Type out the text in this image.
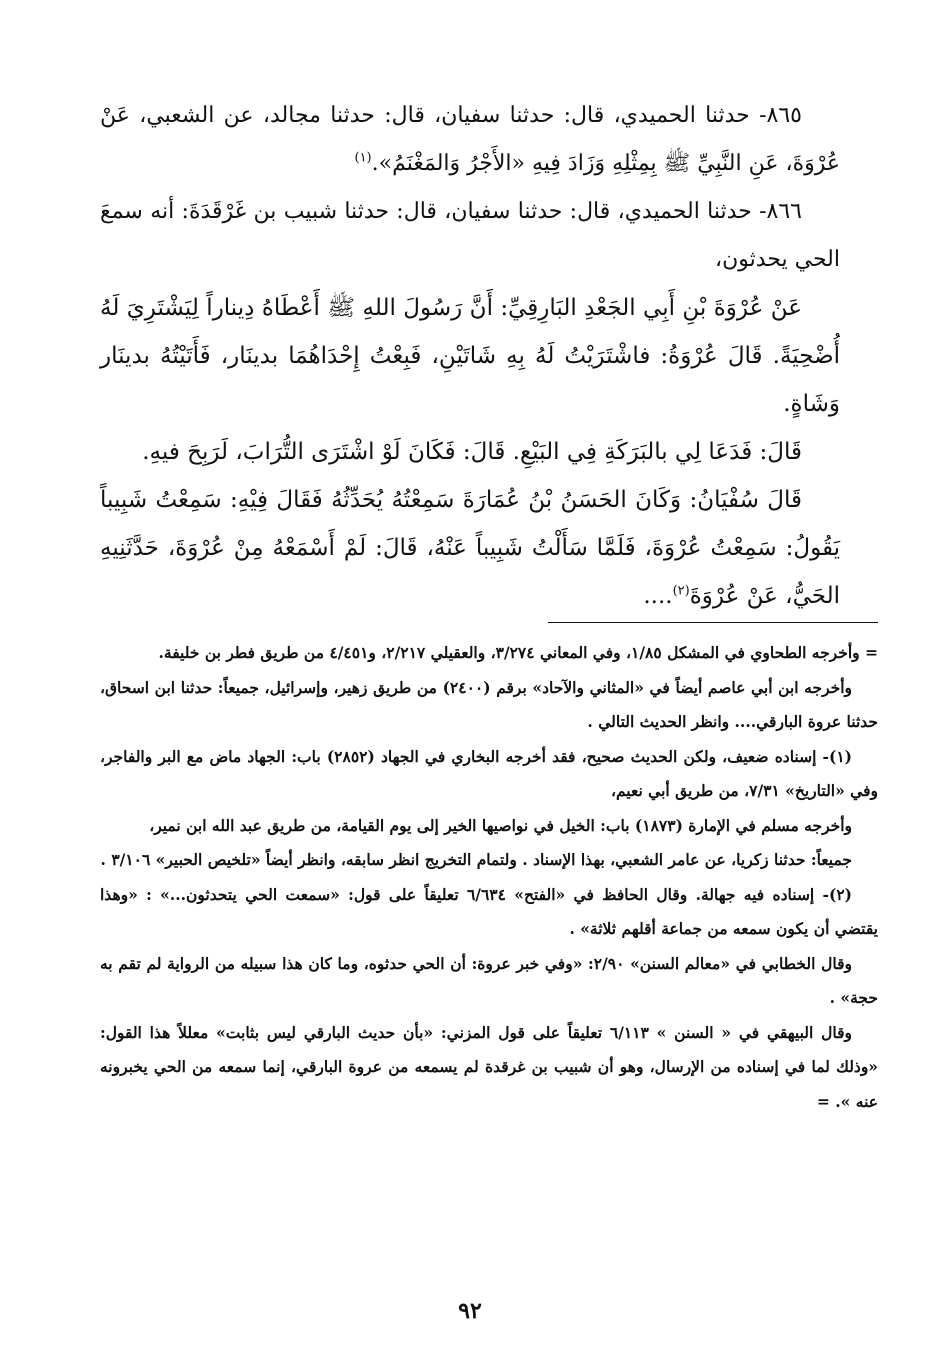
٨٦٥- حدثنا الحميدي، قال: حدثنا سفيان، قال: حدثنا مجالد، عن الشعبي، عَنْ عُرْوَةَ، عَنِ النَّبِيِّ ﷺ بِمِثْلِهِ وَزَادَ فِيهِ «الأَجْرُ وَالمَغْنَمُ».$^{(١)}$

٨٦٦- حدثنا الحميدي، قال: حدثنا سفيان، قال: حدثنا شبيب بن غَرْقَدَةَ: أنه سمعَ الحي يحدثون،

عَنْ عُرْوَةَ بْنِ أَبِي الجَعْدِ البَارِقِيِّ: أَنَّ رَسُولَ اللهِ ﷺ أَعْطَاهُ دِيناراً لِيَشْتَرِيَ لَهُ أُضْحِيَةً. قَالَ عُرْوَةُ: فاشْتَرَيْتُ لَهُ بِهِ شَاتَيْنِ، فَبِعْتُ إِحْدَاهُمَا بدينَار، فَأَتَيْتُهُ بدينَار وَشَاةٍ.

قَالَ: فَدَعَا لِي بالبَرَكَةِ فِي البَيْعِ. قَالَ: فَكَانَ لَوْ اشْتَرَى التُّرَابَ، لَرَبِحَ فيهِ.

قَالَ سُفْيَانُ: وَكَانَ الحَسَنُ بْنُ عُمَارَةَ سَمِعْتُهُ يُحَدِّثُهُ فَقَالَ فِيْهِ: سَمِعْتُ شَبِيباً يَقُولُ: سَمِعْتُ عُرْوَةَ، فَلَمَّا سَأَلْتُ شَبِيباً عَنْهُ، قَالَ: لَمْ أَسْمَعْهُ مِنْ عُرْوَةَ، حَدَّثَنِيهِ الحَيُّ، عَنْ عُرْوَةَ$^{(٢)}$....

= وأخرجه الطحاوي في المشكل ١/٨٥، وفي المعاني ٣/٢٧٤، والعقيلي ٢/٢١٧، و٤/٤٥١ من طريق فطر بن خليفة.

وأخرجه ابن أبي عاصم أيضاً في «المثاني والآحاد» برقم (٢٤٠٠) من طريق زهير، وإسرائيل، جميعاً: حدثنا ابن اسحاق، حدثنا عروة البارقي.... وانظر الحديث التالي .

(١)- إسناده ضعيف، ولكن الحديث صحيح، فقد أخرجه البخاري في الجهاد (٢٨٥٢) باب: الجهاد ماض مع البر والفاجر، وفي «التاريخ» ٧/٣١، من طريق أبي نعيم،

وأخرجه مسلم في الإمارة (١٨٧٣) باب: الخيل في نواصيها الخير إلى يوم القيامة، من طريق عبد الله ابن نمير،

جميعاً: حدثنا زكريا، عن عامر الشعبي، بهذا الإسناد . ولتمام التخريج انظر سابقه، وانظر أيضاً «تلخيص الحبير» ٣/١٠٦ .

(٢)- إسناده فيه جهالة. وقال الحافظ في «الفتح» ٦/٦٣٤ تعليقاً على قول: «سمعت الحي يتحدثون...» : «وهذا يقتضي أن يكون سمعه من جماعة أقلهم ثلاثة» .

وقال الخطابي في «معالم السنن» ٢/٩٠: «وفي خبر عروة: أن الحي حدثوه، وما كان هذا سبيله من الرواية لم تقم به حجة» .

وقال البيهقي في « السنن » ٦/١١٣ تعليقاً على قول المزني: «بأن حديث البارقي ليس بثابت» معللاً هذا القول: «وذلك لما في إسناده من الإرسال، وهو أن شبيب بن غرقدة لم يسمعه من عروة البارقي، إنما سمعه من الحي يخبرونه عنه ». =

٩٢
